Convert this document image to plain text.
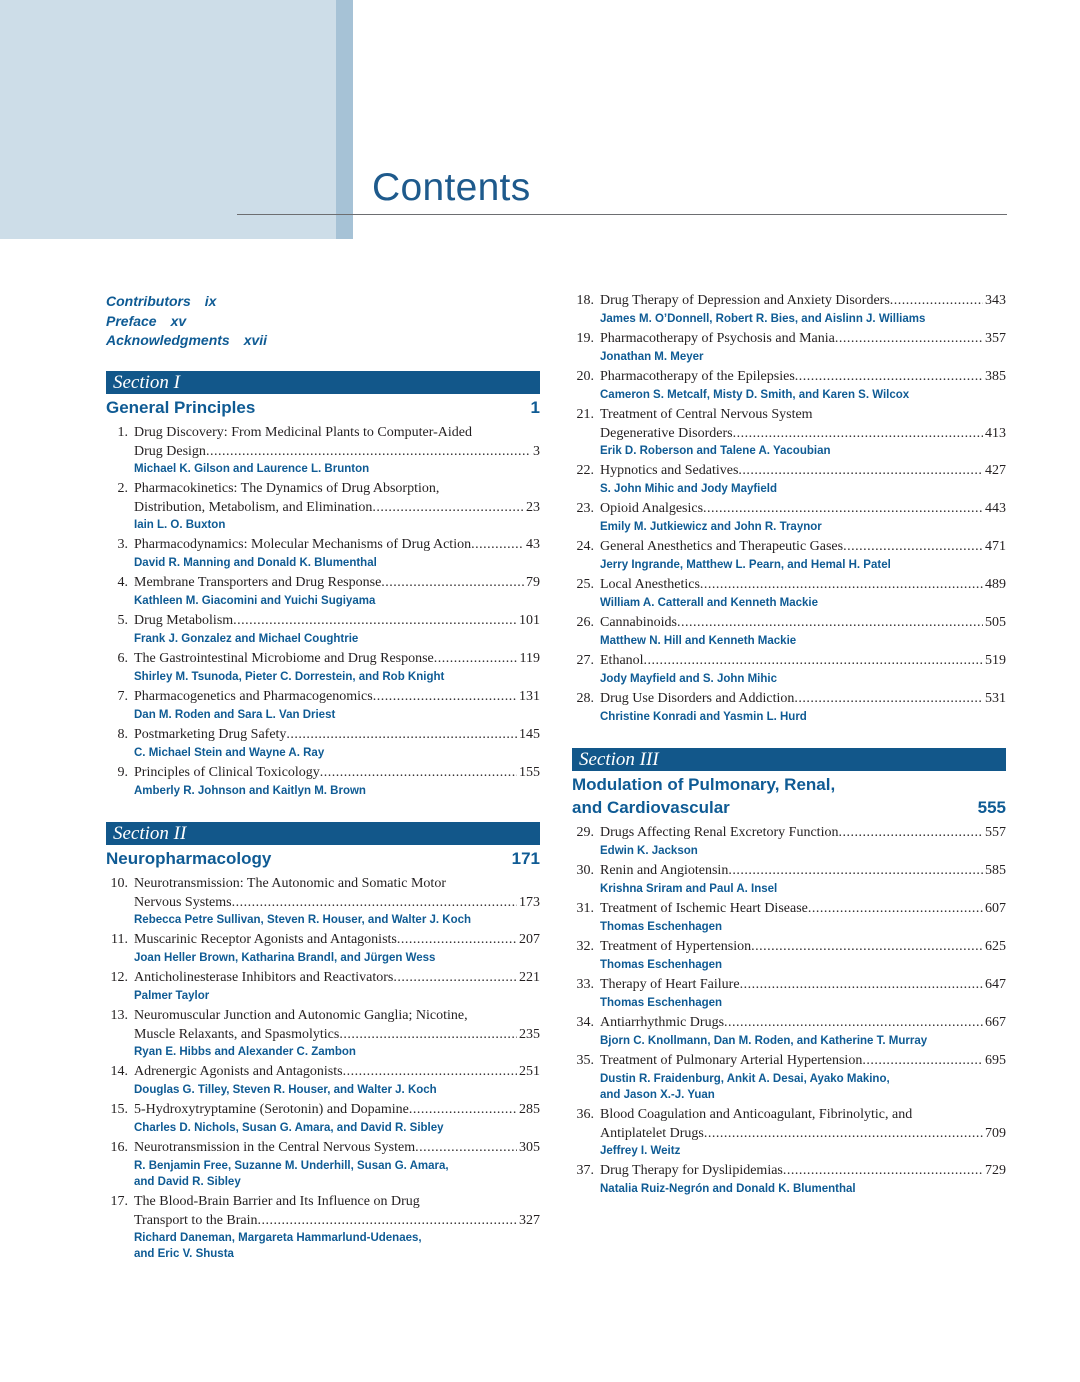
Contents
Contributors ix
Preface xv
Acknowledgments xvii
Section I
General Principles	1
1. Drug Discovery: From Medicinal Plants to Computer-Aided
Drug Design .....	3
Michael K. Gilson and Laurence L. Brunton
2. Pharmacokinetics: The Dynamics of Drug Absorption,
Distribution, Metabolism, and Elimination .....	23
Iain L. O. Buxton
3. Pharmacodynamics: Molecular Mechanisms of Drug Action .....	43
David R. Manning and Donald K. Blumenthal
4. Membrane Transporters and Drug Response .....	79
Kathleen M. Giacomini and Yuichi Sugiyama
5. Drug Metabolism .....	101
Frank J. Gonzalez and Michael Coughtrie
6. The Gastrointestinal Microbiome and Drug Response .....	119
Shirley M. Tsunoda, Pieter C. Dorrestein, and Rob Knight
7. Pharmacogenetics and Pharmacogenomics .....	131
Dan M. Roden and Sara L. Van Driest
8. Postmarketing Drug Safety .....	145
C. Michael Stein and Wayne A. Ray
9. Principles of Clinical Toxicology .....	155
Amberly R. Johnson and Kaitlyn M. Brown
Section II
Neuropharmacology	171
10. Neurotransmission: The Autonomic and Somatic Motor
Nervous Systems .....	173
Rebecca Petre Sullivan, Steven R. Houser, and Walter J. Koch
11. Muscarinic Receptor Agonists and Antagonists .....	207
Joan Heller Brown, Katharina Brandl, and Jürgen Wess
12. Anticholinesterase Inhibitors and Reactivators .....	221
Palmer Taylor
13. Neuromuscular Junction and Autonomic Ganglia; Nicotine,
Muscle Relaxants, and Spasmolytics .....	235
Ryan E. Hibbs and Alexander C. Zambon
14. Adrenergic Agonists and Antagonists .....	251
Douglas G. Tilley, Steven R. Houser, and Walter J. Koch
15. 5-Hydroxytryptamine (Serotonin) and Dopamine .....	285
Charles D. Nichols, Susan G. Amara, and David R. Sibley
16. Neurotransmission in the Central Nervous System .....	305
R. Benjamin Free, Suzanne M. Underhill, Susan G. Amara,
and David R. Sibley
17. The Blood-Brain Barrier and Its Influence on Drug
Transport to the Brain .....	327
Richard Daneman, Margareta Hammarlund-Udenaes,
and Eric V. Shusta
18. Drug Therapy of Depression and Anxiety Disorders .....	343
James M. O’Donnell, Robert R. Bies, and Aislinn J. Williams
19. Pharmacotherapy of Psychosis and Mania .....	357
Jonathan M. Meyer
20. Pharmacotherapy of the Epilepsies .....	385
Cameron S. Metcalf, Misty D. Smith, and Karen S. Wilcox
21. Treatment of Central Nervous System
Degenerative Disorders .....	413
Erik D. Roberson and Talene A. Yacoubian
22. Hypnotics and Sedatives .....	427
S. John Mihic and Jody Mayfield
23. Opioid Analgesics .....	443
Emily M. Jutkiewicz and John R. Traynor
24. General Anesthetics and Therapeutic Gases .....	471
Jerry Ingrande, Matthew L. Pearn, and Hemal H. Patel
25. Local Anesthetics .....	489
William A. Catterall and Kenneth Mackie
26. Cannabinoids .....	505
Matthew N. Hill and Kenneth Mackie
27. Ethanol .....	519
Jody Mayfield and S. John Mihic
28. Drug Use Disorders and Addiction .....	531
Christine Konradi and Yasmin L. Hurd
Section III
Modulation of Pulmonary, Renal,
and Cardiovascular	555
29. Drugs Affecting Renal Excretory Function .....	557
Edwin K. Jackson
30. Renin and Angiotensin .....	585
Krishna Sriram and Paul A. Insel
31. Treatment of Ischemic Heart Disease .....	607
Thomas Eschenhagen
32. Treatment of Hypertension .....	625
Thomas Eschenhagen
33. Therapy of Heart Failure .....	647
Thomas Eschenhagen
34. Antiarrhythmic Drugs .....	667
Bjorn C. Knollmann, Dan M. Roden, and Katherine T. Murray
35. Treatment of Pulmonary Arterial Hypertension .....	695
Dustin R. Fraidenburg, Ankit A. Desai, Ayako Makino,
and Jason X.-J. Yuan
36. Blood Coagulation and Anticoagulant, Fibrinolytic, and
Antiplatelet Drugs .....	709
Jeffrey I. Weitz
37. Drug Therapy for Dyslipidemias .....	729
Natalia Ruiz-Negrón and Donald K. Blumenthal
